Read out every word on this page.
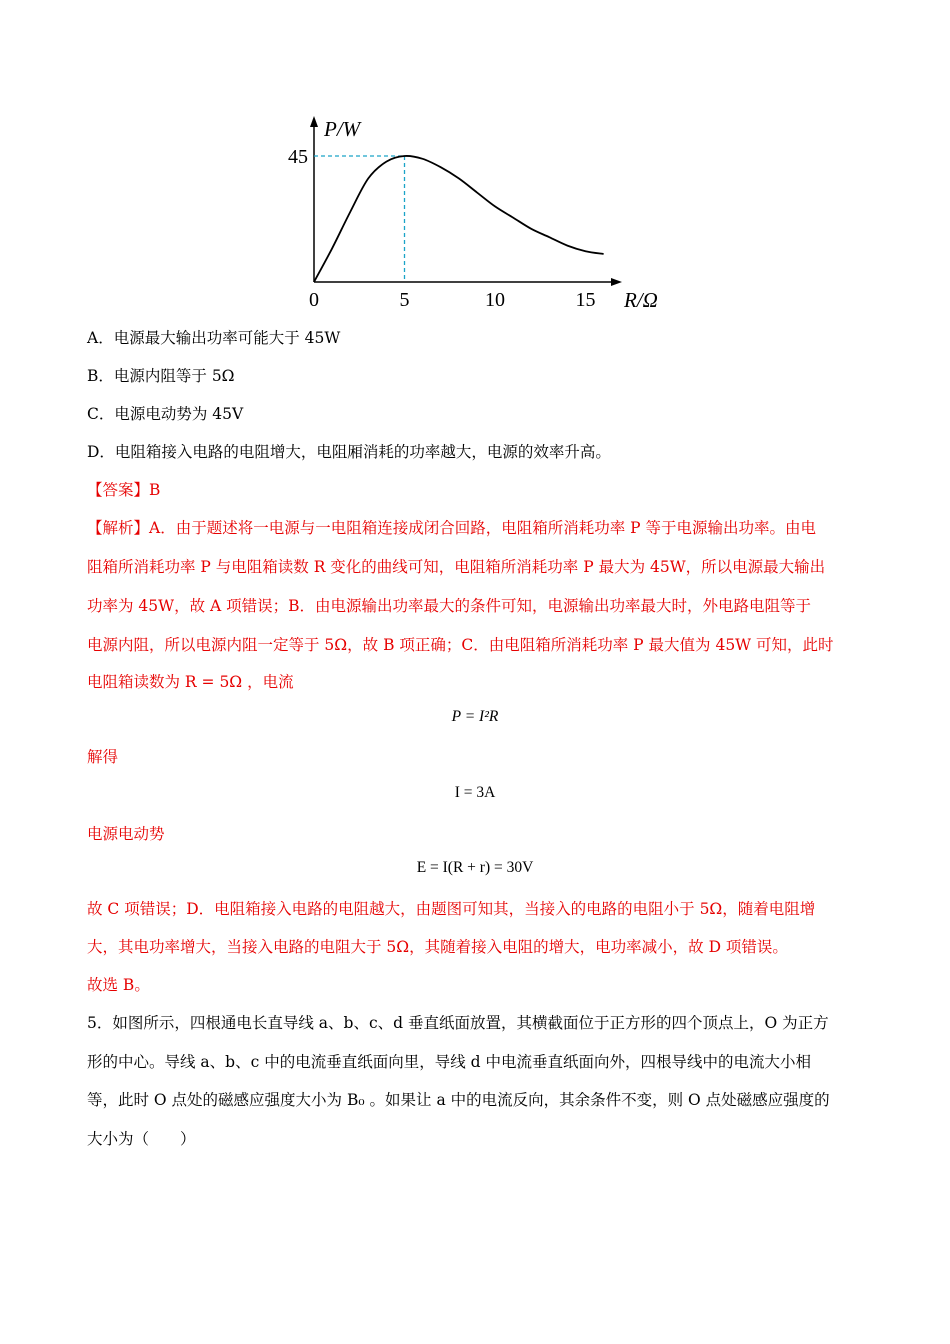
P/W
R/Ω
0	5	10	15
45
A．电源最大输出功率可能大于 45W
B．电源内阻等于 5Ω
C．电源电动势为 45V
D．电阻箱接入电路的电阻增大，电阻厢消耗的功率越大，电源的效率升高。
【答案】B
【解析】A．由于题述将一电源与一电阻箱连接成闭合回路，电阻箱所消耗功率 P 等于电源输出功率。由电
阻箱所消耗功率 P 与电阻箱读数 R 变化的曲线可知，电阻箱所消耗功率 P 最大为 45W，所以电源最大输出
功率为 45W，故 A 项错误；B．由电源输出功率最大的条件可知，电源输出功率最大时，外电路电阻等于
电源内阻，所以电源内阻一定等于 5Ω，故 B 项正确；C．由电阻箱所消耗功率 P 最大值为 45W 可知，此时
电阻箱读数为 R = 5Ω ，电流
P = I²R
解得
I = 3A
电源电动势
E = I(R + r) = 30V
故 C 项错误；D．电阻箱接入电路的电阻越大，由题图可知其，当接入的电路的电阻小于 5Ω，随着电阻增
大，其电功率增大，当接入电路的电阻大于 5Ω，其随着接入电阻的增大，电功率减小，故 D 项错误。
故选 B。
5．如图所示，四根通电长直导线 a、b、c、d 垂直纸面放置，其横截面位于正方形的四个顶点上，O 为正方
形的中心。导线 a、b、c 中的电流垂直纸面向里，导线 d 中电流垂直纸面向外，四根导线中的电流大小相
等，此时 O 点处的磁感应强度大小为 B₀ 。如果让 a 中的电流反向，其余条件不变，则 O 点处磁感应强度的
大小为（　　）
